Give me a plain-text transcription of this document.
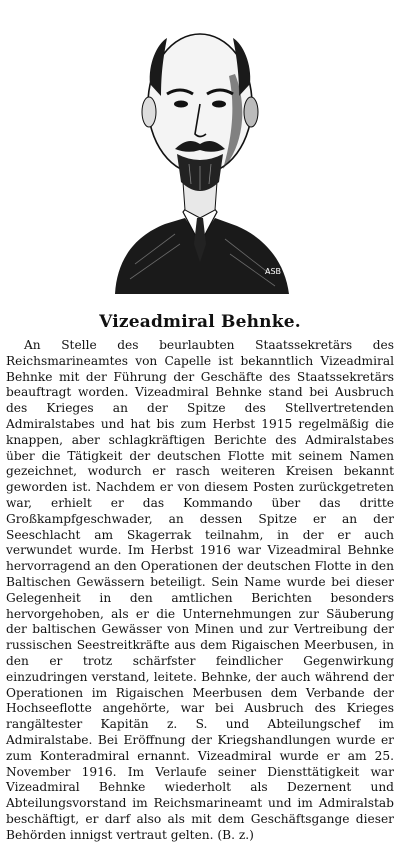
ASB
Vizeadmiral Behnke.

An Stelle des beurlaubten Staatssekretärs des Reichsmarineamtes von Capelle ist bekanntlich Vizeadmiral Behnke mit der Führung der Geschäfte des Staatssekretärs beauftragt worden. Vizeadmiral Behnke stand bei Ausbruch des Krieges an der Spitze des Stellvertretenden Admiralstabes und hat bis zum Herbst 1915 regelmäßig die knappen, aber schlagkräftigen Berichte des Admiralstabes über die Tätigkeit der deutschen Flotte mit seinem Namen gezeichnet, wodurch er rasch weiteren Kreisen bekannt geworden ist. Nachdem er von diesem Posten zurückgetreten war, erhielt er das Kommando über das dritte Großkampfgeschwader, an dessen Spitze er an der Seeschlacht am Skagerrak teilnahm, in der er auch verwundet wurde. Im Herbst 1916 war Vizeadmiral Behnke hervorragend an den Operationen der deutschen Flotte in den Baltischen Gewässern beteiligt. Sein Name wurde bei dieser Gelegenheit in den amtlichen Berichten besonders hervorgehoben, als er die Unternehmungen zur Säuberung der baltischen Gewässer von Minen und zur Vertreibung der russischen Seestreitkräfte aus dem Rigaischen Meerbusen, in den er trotz schärfster feindlicher Gegenwirkung einzudringen verstand, leitete. Behnke, der auch während der Operationen im Rigaischen Meerbusen dem Verbande der Hochseeflotte angehörte, war bei Ausbruch des Krieges rangältester Kapitän z. S. und Abteilungschef im Admiralstabe. Bei Eröffnung der Kriegshandlungen wurde er zum Konteradmiral ernannt. Vizeadmiral wurde er am 25. November 1916. Im Verlaufe seiner Diensttätigkeit war Vizeadmiral Behnke wiederholt als Dezernent und Abteilungsvorstand im Reichsmarineamt und im Admiralstab beschäftigt, er darf also als mit dem Geschäftsgange dieser Behörden innigst vertraut gelten. (B. z.)
